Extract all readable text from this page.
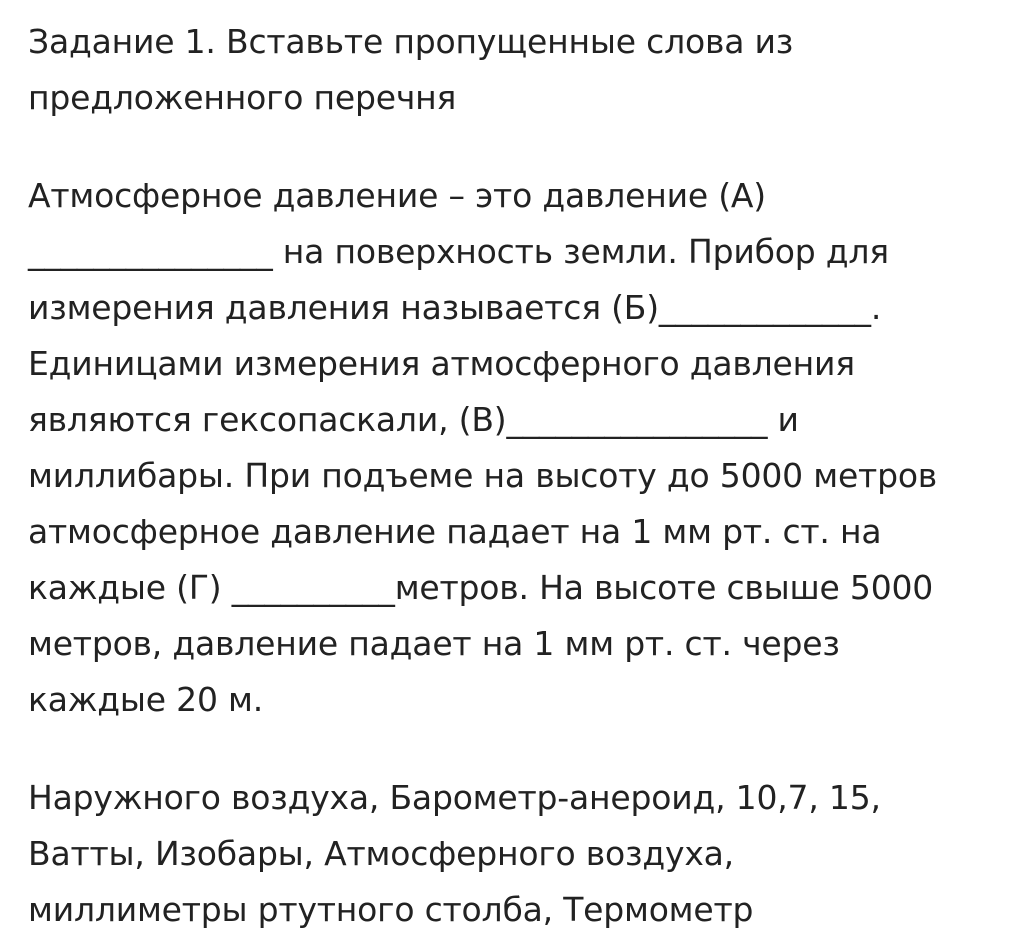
Задание 1. Вставьте пропущенные слова из
предложенного перечня
Атмосферное давление – это давление (А)
_______________ на поверхность земли. Прибор для
измерения давления называется (Б)_____________.
Единицами измерения атмосферного давления
являются гексопаскали, (В)________________ и
миллибары. При подъеме на высоту до 5000 метров
атмосферное давление падает на 1 мм рт. ст. на
каждые (Г) __________метров. На высоте свыше 5000
метров, давление падает на 1 мм рт. ст. через
каждые 20 м.
Наружного воздуха, Барометр-анероид, 10,7, 15,
Ватты, Изобары, Атмосферного воздуха,
миллиметры ртутного столба, Термометр
